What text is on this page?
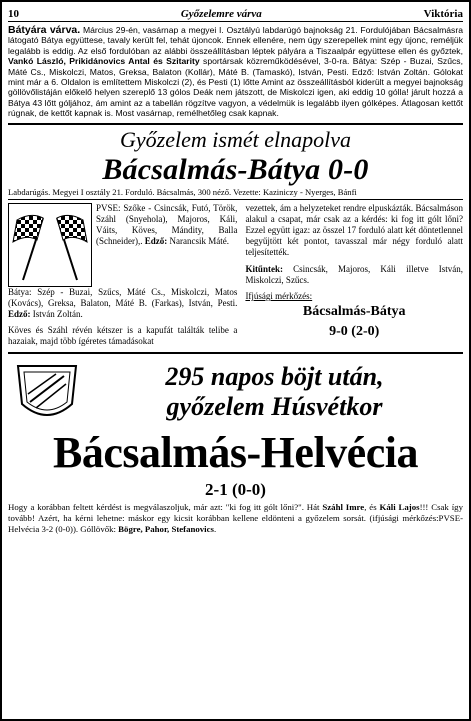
10	Győzelemre várva	Viktória
Bátyára várva. Március 29-én, vasárnap a megyei I. Osztályú labdarúgó bajnokság 21. Fordulójában Bácsalmásra látogató Bátya együttese, tavaly került fel, tehát újoncok. Ennek ellenére, nem úgy szerepellek mint egy újonc, reméljük legalább is eddig. Az első fordulóban az alábbi összeállításban léptek pályára a Tiszaalpár együttese ellen és győztek, Vankó László, Prikidánovics Antal és Szitarity sportársak közreműködésével, 3-0-ra. Bátya: Szép - Buzai, Szűcs, Máté Cs., Miskolczi, Matos, Greksa, Balaton (Kollár), Máté B. (Tamaskó), István, Pesti. Edző: István Zoltán. Gólokat mint már a 6. Oldalon is említettem Miskolczi (2), és Pesti (1) lőtte Amint az összeállításból kiderült a megyei bajnokság göllövőlistáján előkelő helyen szereplő 13 gólos Deák nem játszott, de Miskolczi igen, aki eddig 10 gólla! járult hozzá a Bátya 43 lőtt góljához, ám amint az a tabellán rögzítve vagyon, a védelmük is legalább ilyen gólképes. Átlagosan kettőt rúgnak, de kettőt kapnak is. Most vasárnap, remélhetőleg csak kapnak.
Győzelem ismét elnapolva
Bácsalmás-Bátya 0-0
Labdarúgás. Megyei I osztály 21. Forduló. Bácsalmás, 300 néző. Vezette: Kaziniczy - Nyerges, Bánfi
PVSE: Szőke - Csincsák, Futó, Török, Száhl (Snyehola), Majoros, Káli, Váits, Köves, Mándity, Balla (Schneider),. Edző: Narancsik Máté.
Bátya: Szép - Buzai, Szűcs, Máté Cs., Miskolczi, Matos (Kovács), Greksa, Balaton, Máté B. (Farkas), István, Pesti. Edző: István Zoltán.
Köves és Száhl révén kétszer is a kapufát találták telibe a hazaiak, majd több ígéretes támadásokat
vezettek, ám a helyzeteket rendre elpuskázták. Bácsalmáson alakul a csapat, már csak az a kérdés: ki fog itt gólt lőni? Ezzel együtt igaz: az összel 17 forduló alatt két döntetlennel begyűjtött két pontot, tavasszal már négy forduló alatt teljesítették.
Kitűntek: Csincsák, Majoros, Káli illetve István, Miskolczi, Szűcs.
Ifjúsági mérkőzés:
Bácsalmás-Bátya
9-0 (2-0)
295 napos böjt után,
győzelem Húsvétkor
Bácsalmás-Helvécia
2-1 (0-0)
Hogy a korábban feltett kérdést is megválaszoljuk, már azt: "ki fog itt gólt lőni?". Hát Száhl Imre, és Káli Lajos!!! Csak így tovább! Azért, ha kérni lehetne: máskor egy kicsit korábban kellene eldönteni a győzelem sorsát. (ifjúsági mérkőzés:PVSE-Helvécia 3-2 (0-0)). Góllövők: Bögre, Pahor, Stefanovics.
